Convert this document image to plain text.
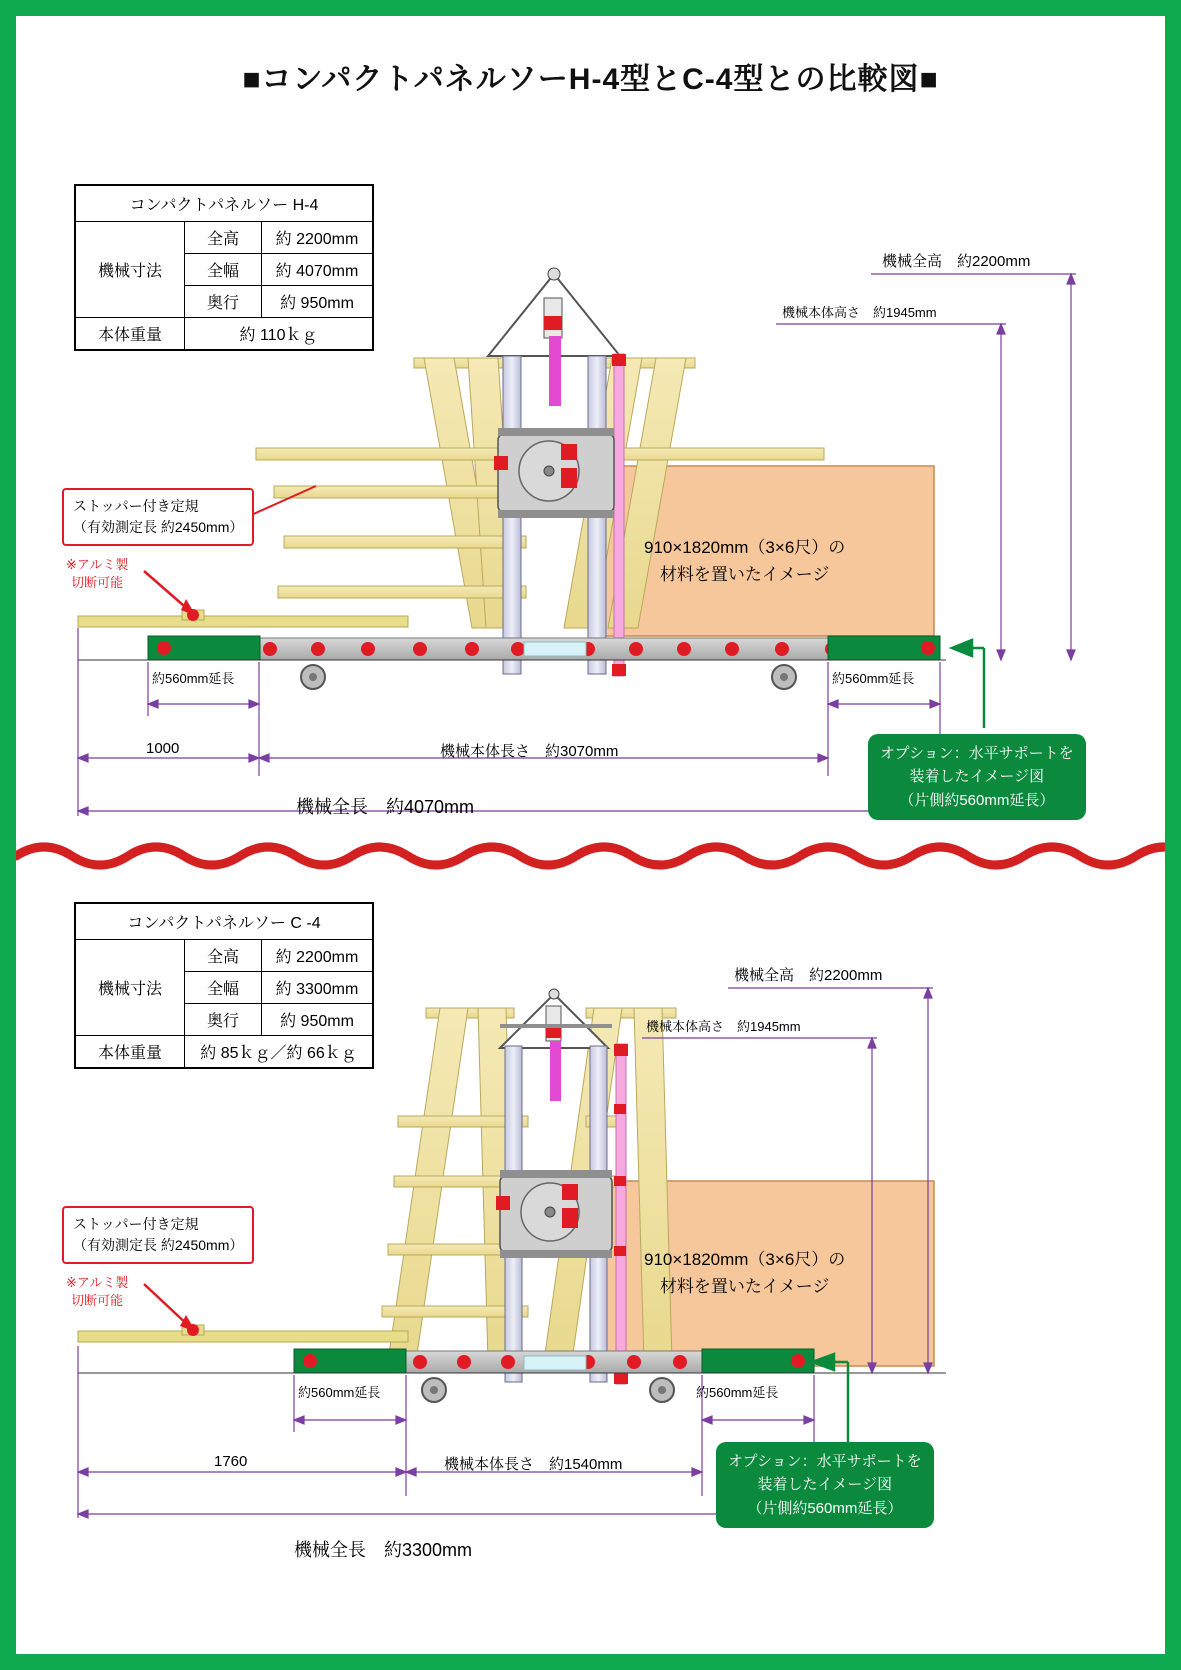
■コンパクトパネルソーH-4型とC-4型との比較図■
コンパクトパネルソー H-4		
機械寸法	全高	約 2200mm
	全幅	約 4070mm
	奥行	約 950mm
本体重量	約 110ｋｇ	
ストッパー付き定規
（有効測定長 約2450mm）
※アルミ製
切断可能
910×1820mm（3×6尺）の
材料を置いたイメージ
オプション：水平サポートを
装着したイメージ図
（片側約560mm延長）
機械全高　約2200mm
機械本体高さ　約1945mm
約560mm延長	約560mm延長
1000	機械本体長さ　約3070mm
機械全長　約4070mm
コンパクトパネルソー C -4		
機械寸法	全高	約 2200mm
	全幅	約 3300mm
	奥行	約 950mm
本体重量	約 85ｋｇ／約 66ｋｇ	
ストッパー付き定規
（有効測定長 約2450mm）
※アルミ製
切断可能
910×1820mm（3×6尺）の
材料を置いたイメージ
オプション：水平サポートを
装着したイメージ図
（片側約560mm延長）
機械全高　約2200mm
機械本体高さ　約1945mm
約560mm延長	約560mm延長
1760	機械本体長さ　約1540mm
機械全長　約3300mm
